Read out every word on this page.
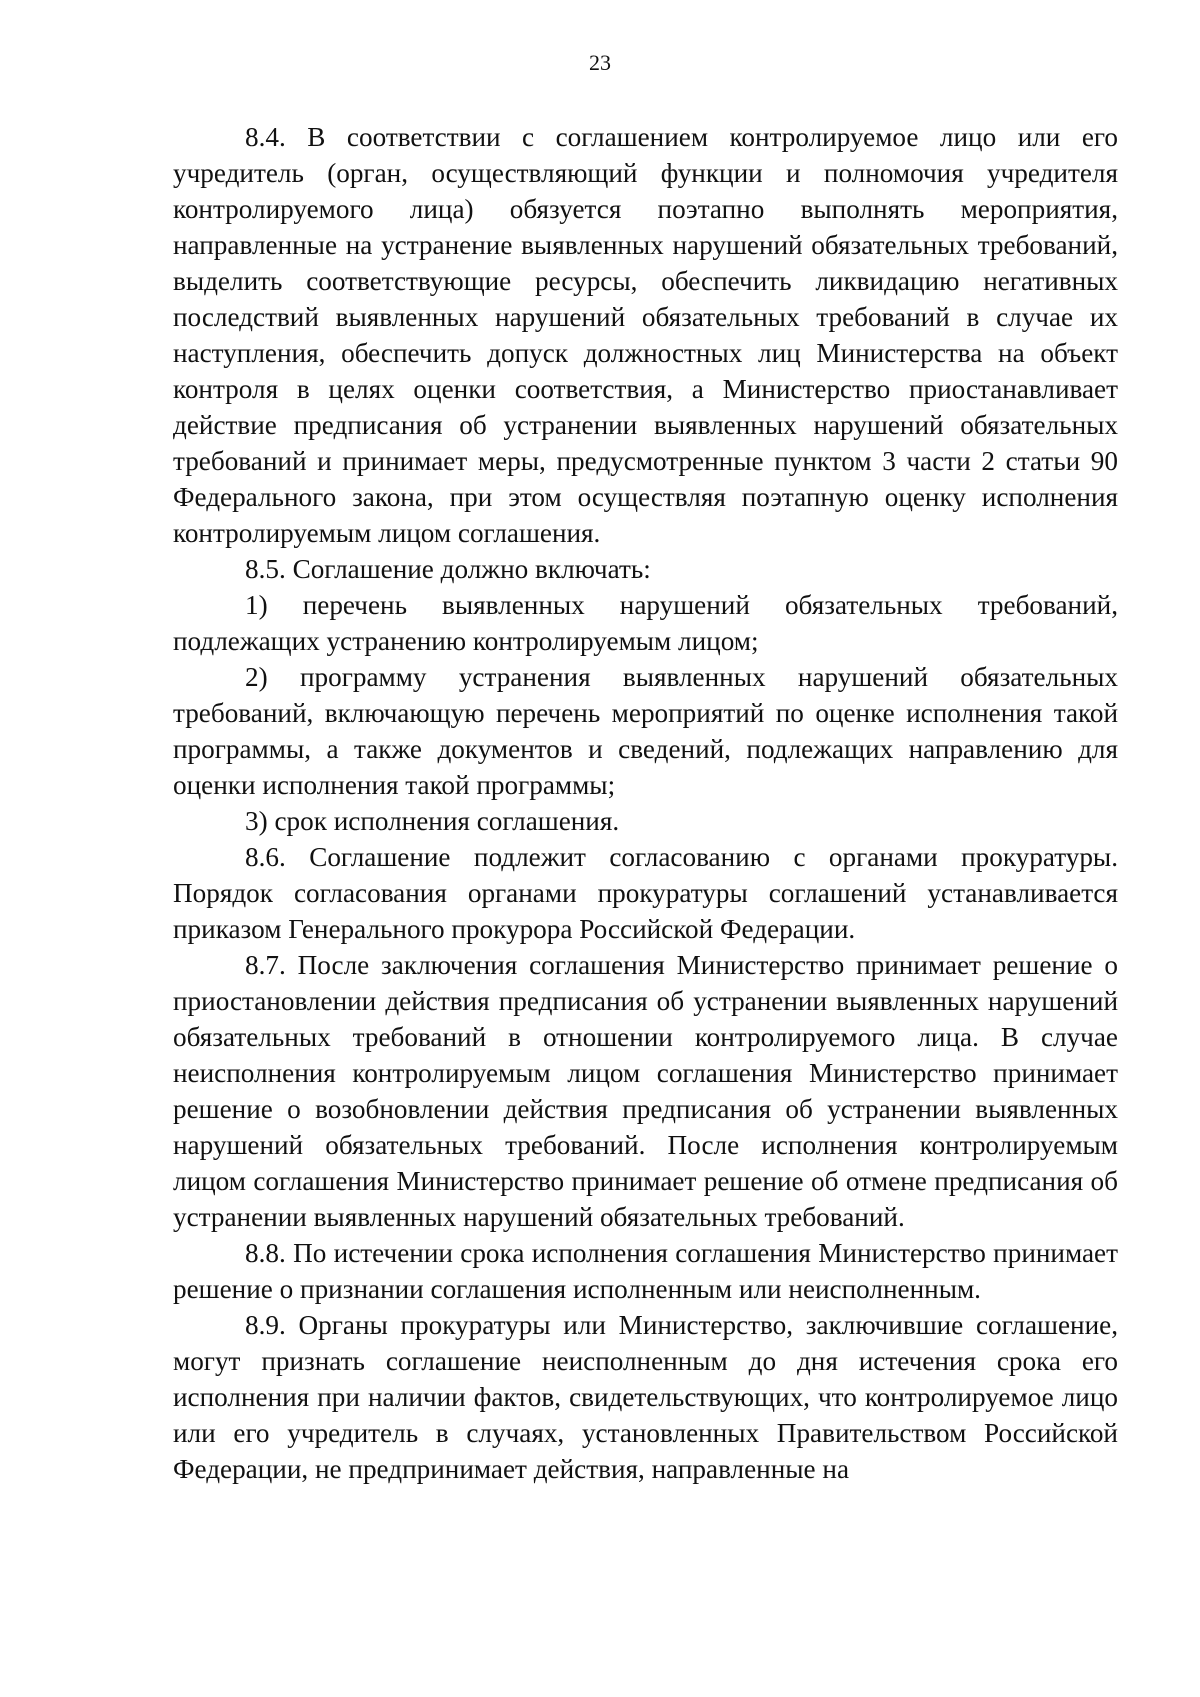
23

8.4. В соответствии с соглашением контролируемое лицо или его учредитель (орган, осуществляющий функции и полномочия учредителя контролируемого лица) обязуется поэтапно выполнять мероприятия, направленные на устранение выявленных нарушений обязательных требований, выделить соответствующие ресурсы, обеспечить ликвидацию негативных последствий выявленных нарушений обязательных требований в случае их наступления, обеспечить допуск должностных лиц Министерства на объект контроля в целях оценки соответствия, а Министерство приостанавливает действие предписания об устранении выявленных нарушений обязательных требований и принимает меры, предусмотренные пунктом 3 части 2 статьи 90 Федерального закона, при этом осуществляя поэтапную оценку исполнения контролируемым лицом соглашения.

8.5. Соглашение должно включать:

1) перечень выявленных нарушений обязательных требований, подлежащих устранению контролируемым лицом;

2) программу устранения выявленных нарушений обязательных требований, включающую перечень мероприятий по оценке исполнения такой программы, а также документов и сведений, подлежащих направлению для оценки исполнения такой программы;

3) срок исполнения соглашения.

8.6. Соглашение подлежит согласованию с органами прокуратуры. Порядок согласования органами прокуратуры соглашений устанавливается приказом Генерального прокурора Российской Федерации.

8.7. После заключения соглашения Министерство принимает решение о приостановлении действия предписания об устранении выявленных нарушений обязательных требований в отношении контролируемого лица. В случае неисполнения контролируемым лицом соглашения Министерство принимает решение о возобновлении действия предписания об устранении выявленных нарушений обязательных требований. После исполнения контролируемым лицом соглашения Министерство принимает решение об отмене предписания об устранении выявленных нарушений обязательных требований.

8.8. По истечении срока исполнения соглашения Министерство принимает решение о признании соглашения исполненным или неисполненным.

8.9. Органы прокуратуры или Министерство, заключившие соглашение, могут признать соглашение неисполненным до дня истечения срока его исполнения при наличии фактов, свидетельствующих, что контролируемое лицо или его учредитель в случаях, установленных Правительством Российской Федерации, не предпринимает действия, направленные на
